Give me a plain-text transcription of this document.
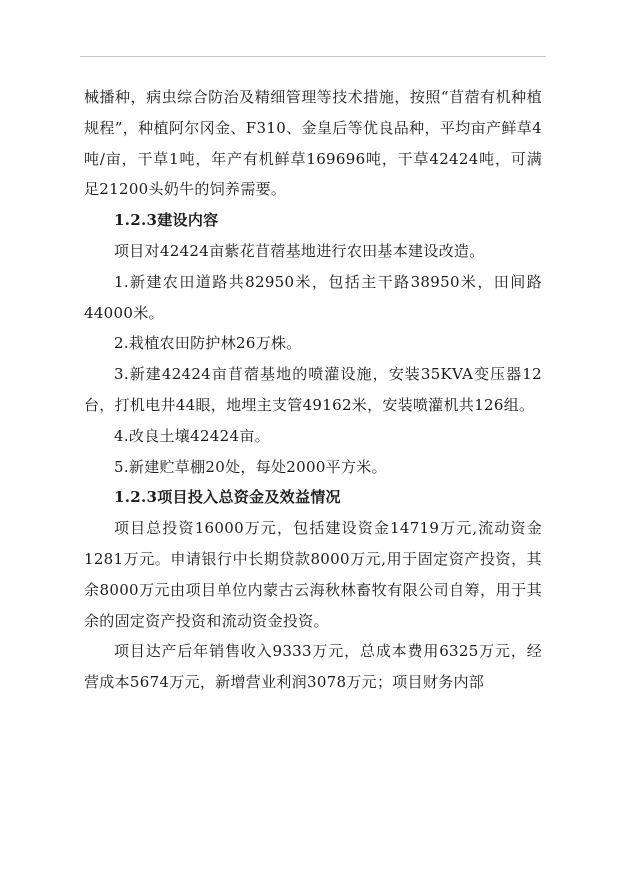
械播种，病虫综合防治及精细管理等技术措施，按照“苜蓿有机种植规程”，种植阿尔冈金、F310、金皇后等优良品种，平均亩产鲜草4吨/亩，干草1吨，年产有机鲜草169696吨，干草42424吨，可满足21200头奶牛的饲养需要。

1.2.3建设内容

项目对42424亩紫花苜蓿基地进行农田基本建设改造。

1.新建农田道路共82950米，包括主干路38950米，田间路44000米。

2.栽植农田防护林26万株。

3.新建42424亩苜蓿基地的喷灌设施，安装35KVA变压器12台，打机电井44眼，地埋主支管49162米，安装喷灌机共126组。

4.改良土壤42424亩。

5.新建贮草棚20处，每处2000平方米。

1.2.3项目投入总资金及效益情况

项目总投资16000万元，包括建设资金14719万元,流动资金1281万元。申请银行中长期贷款8000万元,用于固定资产投资，其余8000万元由项目单位内蒙古云海秋林畜牧有限公司自筹，用于其余的固定资产投资和流动资金投资。

项目达产后年销售收入9333万元，总成本费用6325万元，经营成本5674万元，新增营业利润3078万元；项目财务内部
